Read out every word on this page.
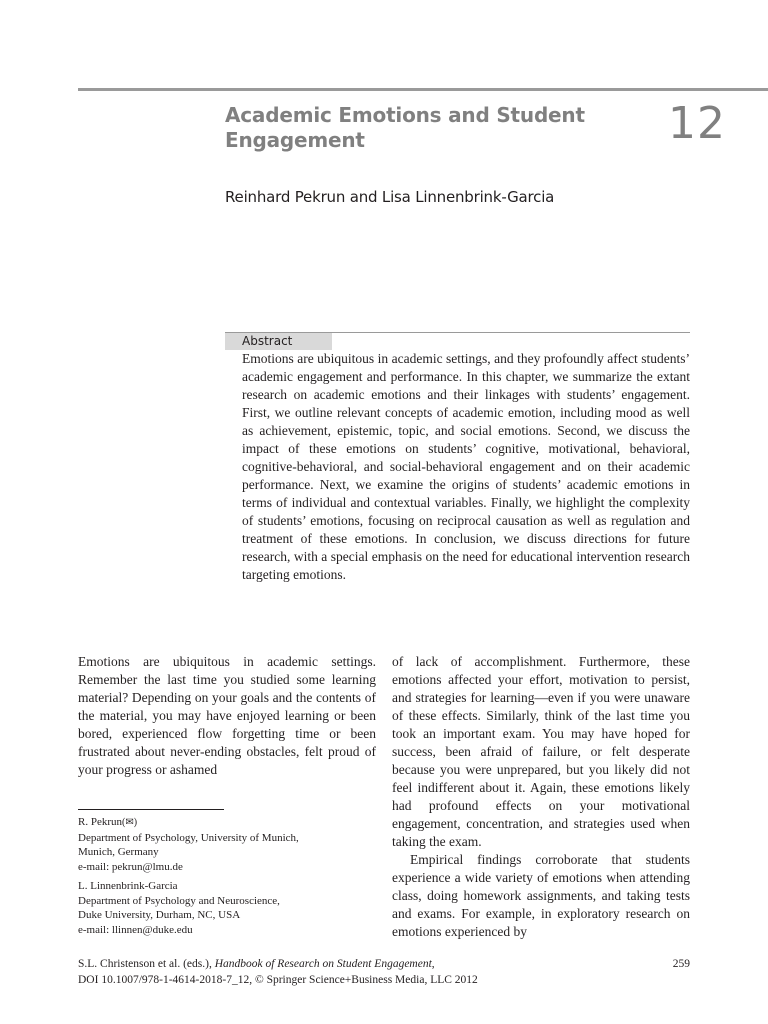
Academic Emotions and Student Engagement	12
Reinhard Pekrun and Lisa Linnenbrink-Garcia
Abstract
Emotions are ubiquitous in academic settings, and they profoundly affect students’ academic engagement and performance. In this chapter, we summarize the extant research on academic emotions and their linkages with students’ engagement. First, we outline relevant concepts of academic emotion, including mood as well as achievement, epistemic, topic, and social emotions. Second, we discuss the impact of these emotions on students’ cognitive, motivational, behavioral, cognitive-behavioral, and social-behavioral engagement and on their academic performance. Next, we examine the origins of students’ academic emotions in terms of individual and contextual variables. Finally, we highlight the complexity of students’ emotions, focusing on reciprocal causation as well as regulation and treatment of these emotions. In conclusion, we discuss directions for future research, with a special emphasis on the need for educational intervention research targeting emotions.
Emotions are ubiquitous in academic settings. Remember the last time you studied some learning material? Depending on your goals and the contents of the material, you may have enjoyed learning or been bored, experienced flow forgetting time or been frustrated about never-ending obstacles, felt proud of your progress or ashamed

of lack of accomplishment. Furthermore, these emotions affected your effort, motivation to persist, and strategies for learning—even if you were unaware of these effects. Similarly, think of the last time you took an important exam. You may have hoped for success, been afraid of failure, or felt desperate because you were unprepared, but you likely did not feel indifferent about it. Again, these emotions likely had profound effects on your motivational engagement, concentration, and strategies used when taking the exam.

Empirical findings corroborate that students experience a wide variety of emotions when attending class, doing homework assignments, and taking tests and exams. For example, in exploratory research on emotions experienced by

R. Pekrun(✉)
Department of Psychology, University of Munich,
Munich, Germany
e-mail: pekrun@lmu.de
L. Linnenbrink-Garcia
Department of Psychology and Neuroscience,
Duke University, Durham, NC, USA
e-mail: llinnen@duke.edu
S.L. Christenson et al. (eds.), Handbook of Research on Student Engagement,
DOI 10.1007/978-1-4614-2018-7_12, © Springer Science+Business Media, LLC 2012
259
